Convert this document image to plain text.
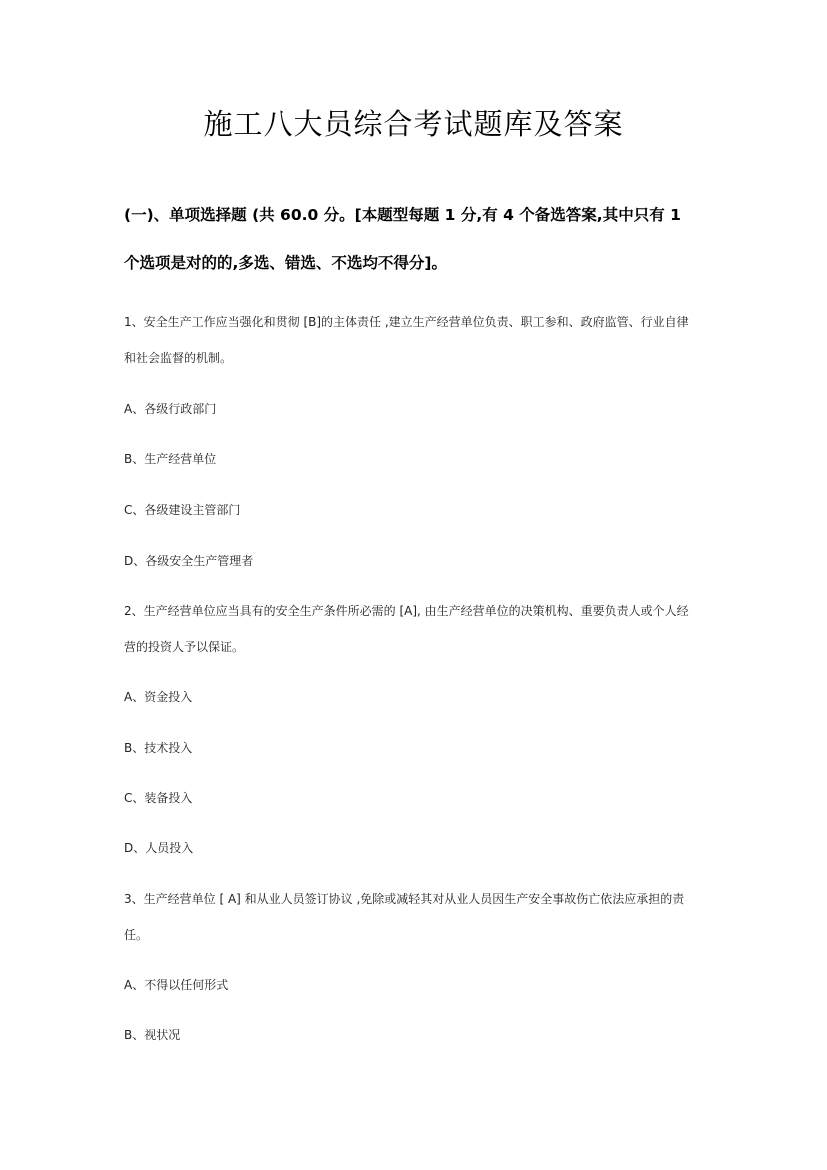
施工八大员综合考试题库及答案
(一)、单项选择题 (共 60.0 分。[本题型每题 1 分,有 4 个备选答案,其中只有 1
个选项是对的的,多选、错选、不选均不得分]。
1、安全生产工作应当强化和贯彻 [B]的主体责任 ,建立生产经营单位负责、职工参和、政府监管、行业自律
和社会监督的机制。
A、各级行政部门
B、生产经营单位
C、各级建设主管部门
D、各级安全生产管理者
2、生产经营单位应当具有的安全生产条件所必需的 [A], 由生产经营单位的决策机构、重要负责人或个人经
营的投资人予以保证。
A、资金投入
B、技术投入
C、装备投入
D、人员投入
3、生产经营单位 [ A] 和从业人员签订协议 ,免除或减轻其对从业人员因生产安全事故伤亡依法应承担的责
任。
A、不得以任何形式
B、视状况
